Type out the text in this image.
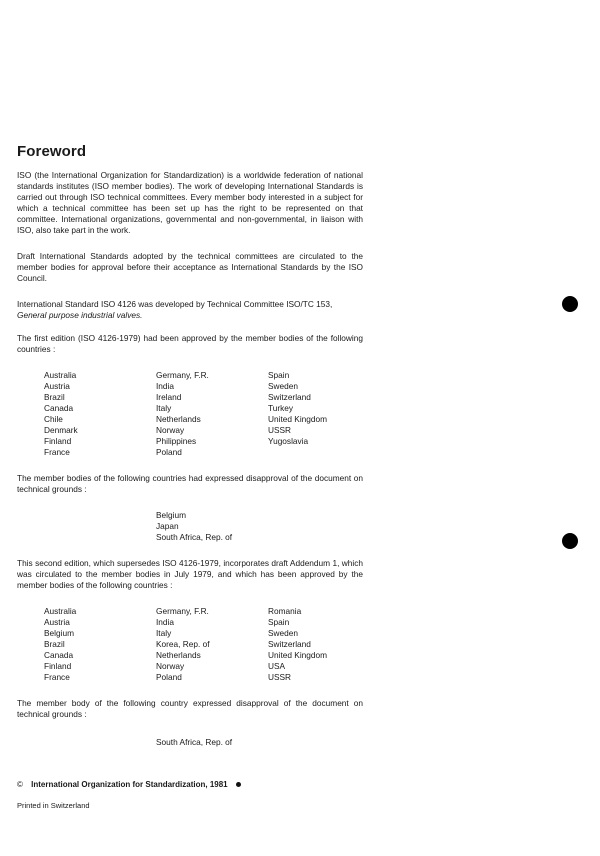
Foreword

ISO (the International Organization for Standardization) is a worldwide federation of national standards institutes (ISO member bodies). The work of developing International Standards is carried out through ISO technical committees. Every member body interested in a subject for which a technical committee has been set up has the right to be represented on that committee. International organizations, governmental and non-governmental, in liaison with ISO, also take part in the work.

Draft International Standards adopted by the technical committees are circulated to the member bodies for approval before their acceptance as International Standards by the ISO Council.

International Standard ISO 4126 was developed by Technical Committee ISO/TC 153,
General purpose industrial valves.

The first edition (ISO 4126-1979) had been approved by the member bodies of the following countries :

Australia
Austria
Brazil
Canada
Chile
Denmark
Finland
France
Germany, F.R.
India
Ireland
Italy
Netherlands
Norway
Philippines
Poland
Spain
Sweden
Switzerland
Turkey
United Kingdom
USSR
Yugoslavia

The member bodies of the following countries had expressed disapproval of the document on technical grounds :

Belgium
Japan
South Africa, Rep. of

This second edition, which supersedes ISO 4126-1979, incorporates draft Addendum 1, which was circulated to the member bodies in July 1979, and which has been approved by the member bodies of the following countries :

Australia
Austria
Belgium
Brazil
Canada
Finland
France
Germany, F.R.
India
Italy
Korea, Rep. of
Netherlands
Norway
Poland
Romania
Spain
Sweden
Switzerland
United Kingdom
USA
USSR

The member body of the following country expressed disapproval of the document on technical grounds :

South Africa, Rep. of
© International Organization for Standardization, 1981
Printed in Switzerland
